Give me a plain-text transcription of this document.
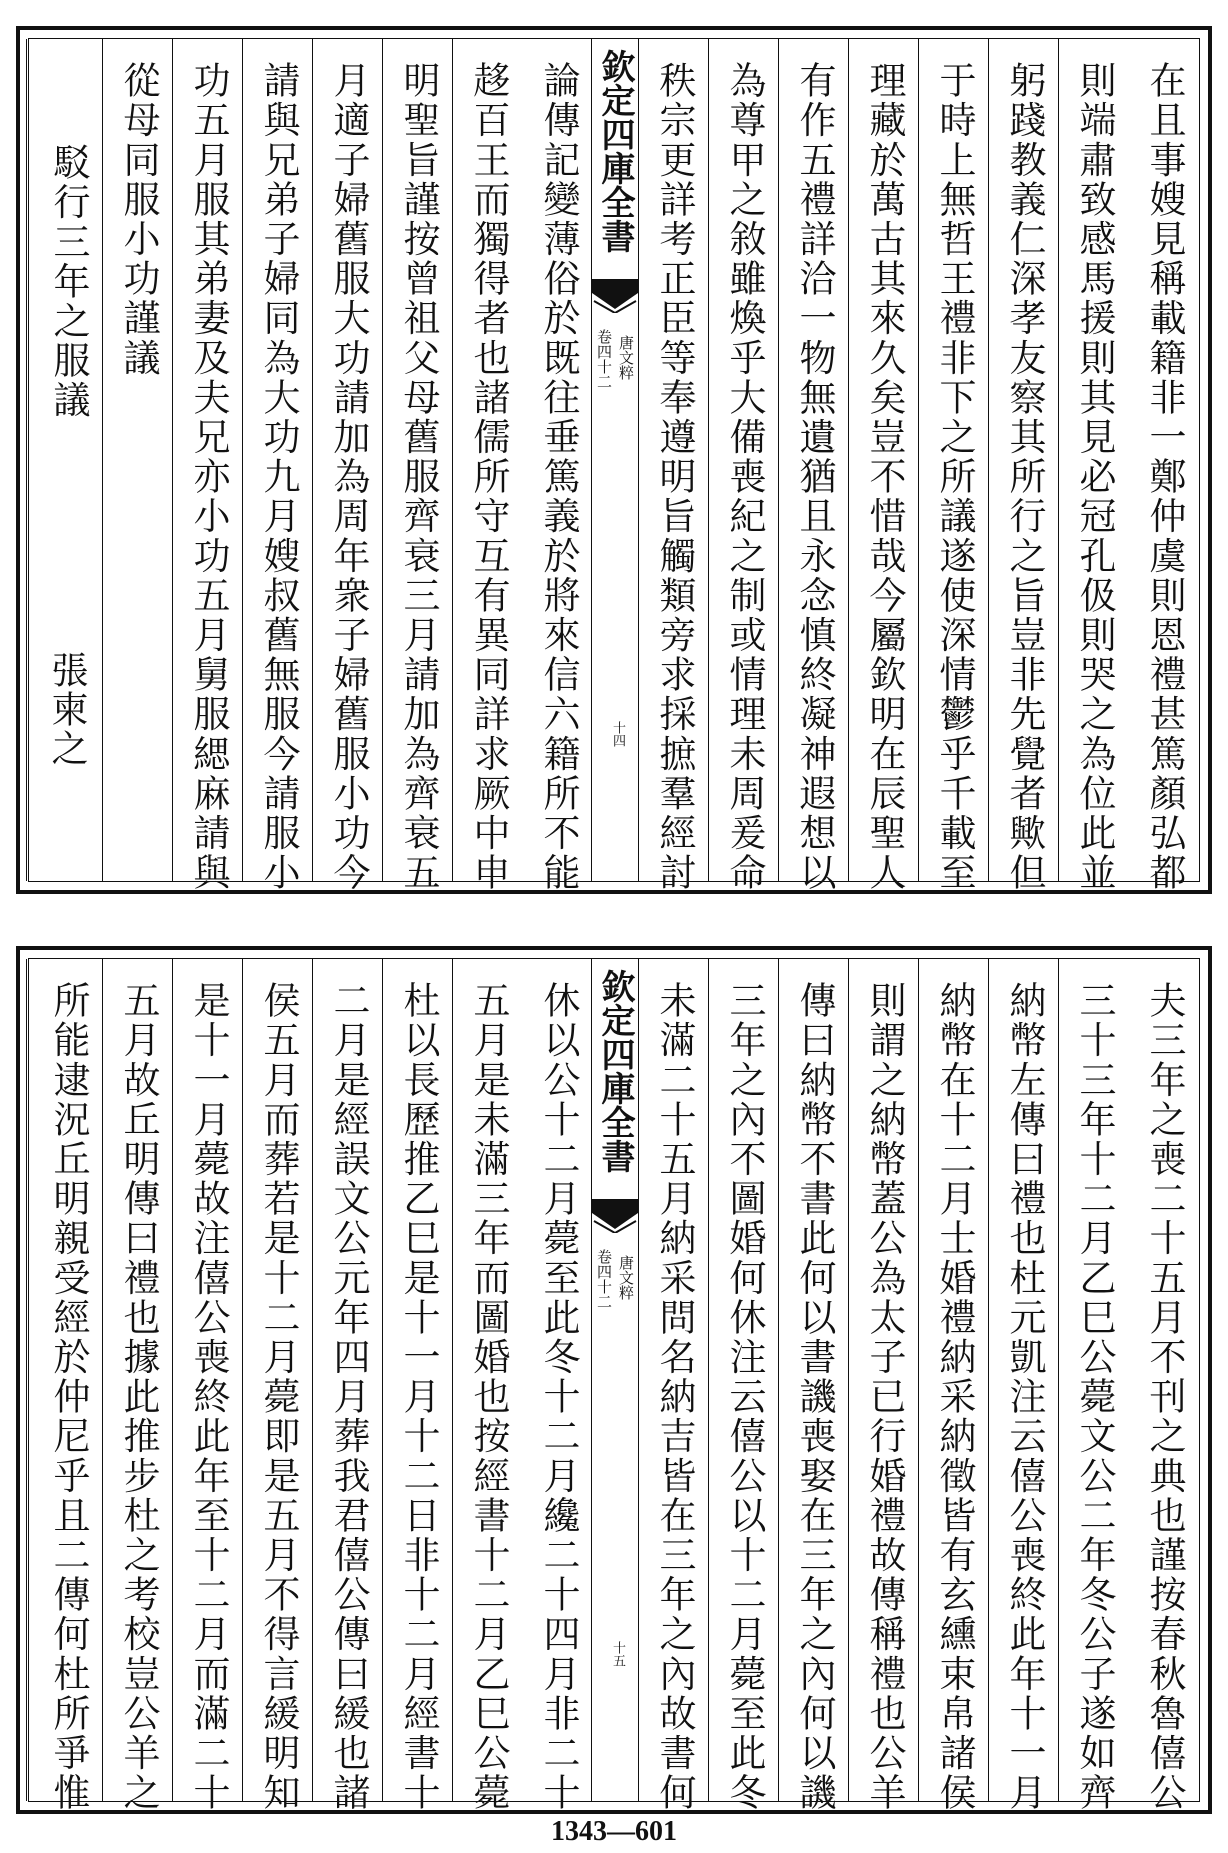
在且事嫂見稱載籍非一鄭仲虞則恩禮甚篤顏弘都
則端肅致感馬援則其見必冠孔伋則哭之為位此並
躬踐教義仁深孝友察其所行之旨豈非先覺者歟但
于時上無哲王禮非下之所議遂使深情鬱乎千載至
理藏於萬古其來久矣豈不惜哉今屬欽明在辰聖人
有作五禮詳洽一物無遺猶且永念慎終凝神遐想以
為尊甲之敘雖煥乎大備喪紀之制或情理未周爰命
秩宗更詳考正臣等奉遵明旨觸類旁求採摭羣經討
欽定四庫全書
唐文粹
卷四十二
十四
論傳記變薄俗於既往垂篤義於將來信六籍所不能
趍百王而獨得者也諸儒所守互有異同詳求厥中申
明聖旨謹按曾祖父母舊服齊衰三月請加為齊衰五
月適子婦舊服大功請加為周年衆子婦舊服小功今
請與兄弟子婦同為大功九月嫂叔舊無服今請服小
功五月服其弟妻及夫兄亦小功五月舅服緦麻請與
從母同服小功謹議
駁行三年之服議
張柬之
夫三年之喪二十五月不刊之典也謹按春秋魯僖公
三十三年十二月乙巳公薨文公二年冬公子遂如齊
納幣左傳曰禮也杜元凱注云僖公喪終此年十一月
納幣在十二月士婚禮納采納徵皆有玄纁束帛諸侯
則謂之納幣蓋公為太子已行婚禮故傳稱禮也公羊
傳曰納幣不書此何以書譏喪娶在三年之內何以譏
三年之內不圖婚何休注云僖公以十二月薨至此冬
未滿二十五月納采問名納吉皆在三年之內故書何
欽定四庫全書
唐文粹
卷四十二
十五
休以公十二月薨至此冬十二月纔二十四月非二十
五月是未滿三年而圖婚也按經書十二月乙巳公薨
杜以長歷推乙巳是十一月十二日非十二月經書十
二月是經誤文公元年四月葬我君僖公傳曰緩也諸
侯五月而葬若是十二月薨即是五月不得言緩明知
是十一月薨故注僖公喪終此年至十二月而滿二十
五月故丘明傳曰禮也據此推步杜之考校豈公羊之
所能逮況丘明親受經於仲尼乎且二傳何杜所爭惟
1343—601
